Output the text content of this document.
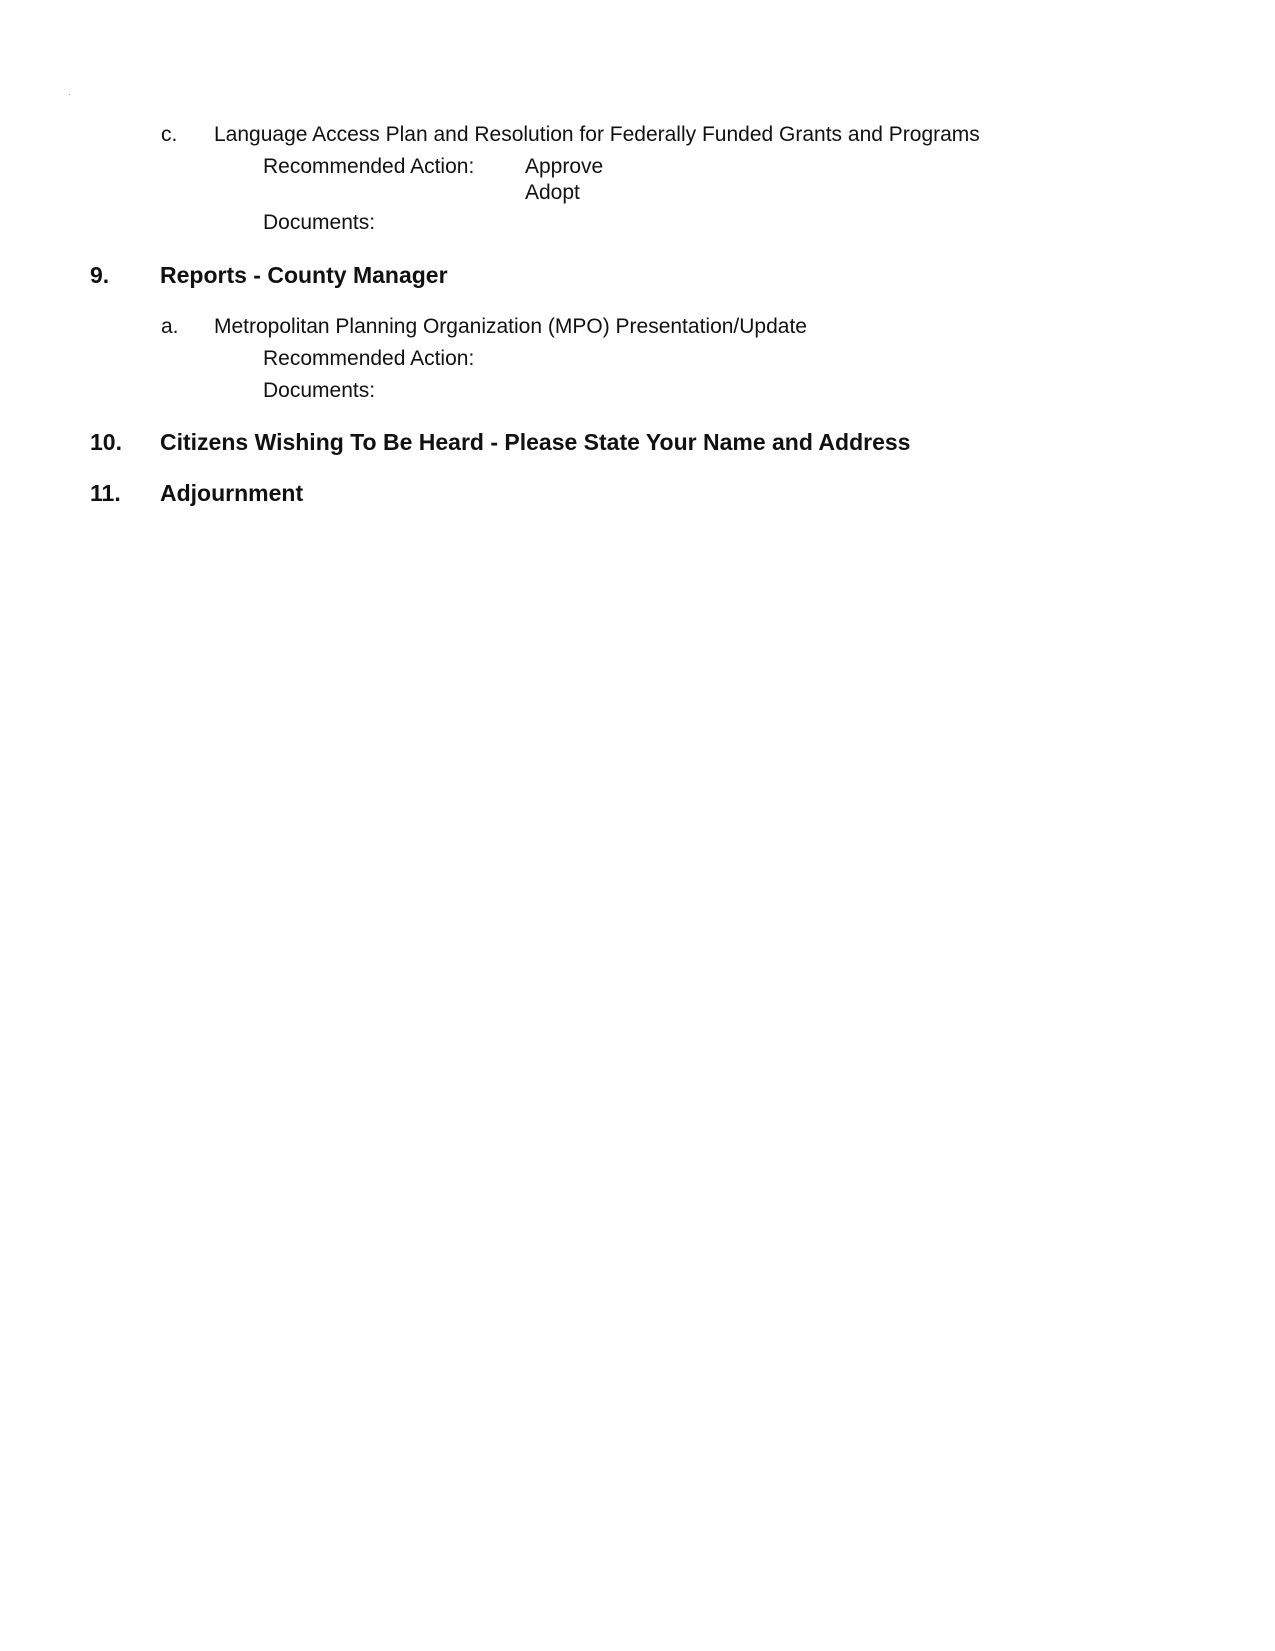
c. Language Access Plan and Resolution for Federally Funded Grants and Programs
Recommended Action: Approve
Adopt
Documents:
9. Reports - County Manager
a. Metropolitan Planning Organization (MPO) Presentation/Update
Recommended Action:
Documents:
10. Citizens Wishing To Be Heard - Please State Your Name and Address
11. Adjournment
